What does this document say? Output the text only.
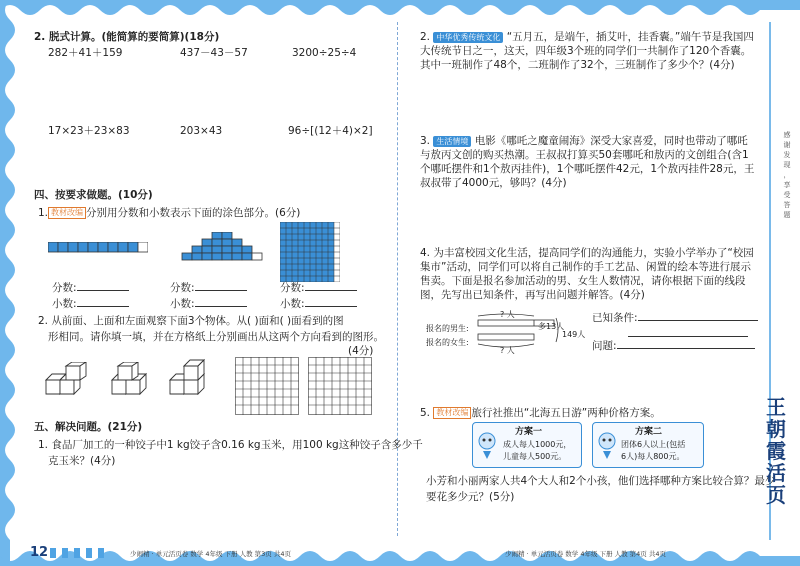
2. 脱式计算。(能简算的要简算)(18分)
282＋41＋159	437－43－57	3200÷25÷4
17×23＋23×83	203×43	96÷[(12＋4)×2]
四、按要求做题。(10分)
1. 教材改编 分别用分数和小数表示下面的涂色部分。(6分)
分数:
小数:
分数:
小数:
分数:
小数:
2. 从前面、上面和左面观察下面3个物体。从( )面和( )面看到的图
形相同。请你填一填，并在方格纸上分别画出从这两个方向看到的图形。
(4分)
五、解决问题。(21分)
1. 食品厂加工的一种饺子中1 kg饺子含0.16 kg玉米，用100 kg这种饺子含多少千
克玉米？(4分)
12	少闹精 · 单元活页卷 数学 4年级 下册 人教 第3页 共4页
2. 中华优秀传统文化 “五月五，是端午，插艾叶，挂香囊。”端午节是我国四大传统节日之一，这天，四年级3个班的同学们一共制作了120个香囊。其中一班制作了48个，二班制作了32个，三班制作了多少个？(4分)
3. 生活情境 电影《哪吒之魔童闹海》深受大家喜爱，同时也带动了哪吒与敖丙文创的购买热潮。王叔叔打算买50套哪吒和敖丙的文创组合(含1个哪吒摆件和1个敖丙挂件)，1个哪吒摆件42元，1个敖丙挂件28元，王叔叔带了4000元，够吗？(4分)
4. 为丰富校园文化生活，提高同学们的沟通能力，实验小学举办了“校园集市”活动，同学们可以将自己制作的手工艺品、闲置的绘本等进行展示售卖。下面是报名参加活动的男、女生人数情况，请你根据下面的线段图，先写出已知条件，再写出问题并解答。(4分)
报名的男生:
报名的女生:
? 人
? 人
多13人
149人
已知条件:
问题:
5. 教材改编 旅行社推出“北海五日游”两种价格方案。
方案一
成人每人1000元，
儿童每人500元。
方案二
团体6人以上(包括
6人)每人800元。
小芳和小丽两家人共4个大人和2个小孩，他们选择哪种方案比较合算？最少
要花多少元？(5分)
少闹精 · 单元活页卷 数学 4年级 下册 人教 第4页 共4页
感 谢 发 现 ， 享 受 答 题
王朝霞活页
